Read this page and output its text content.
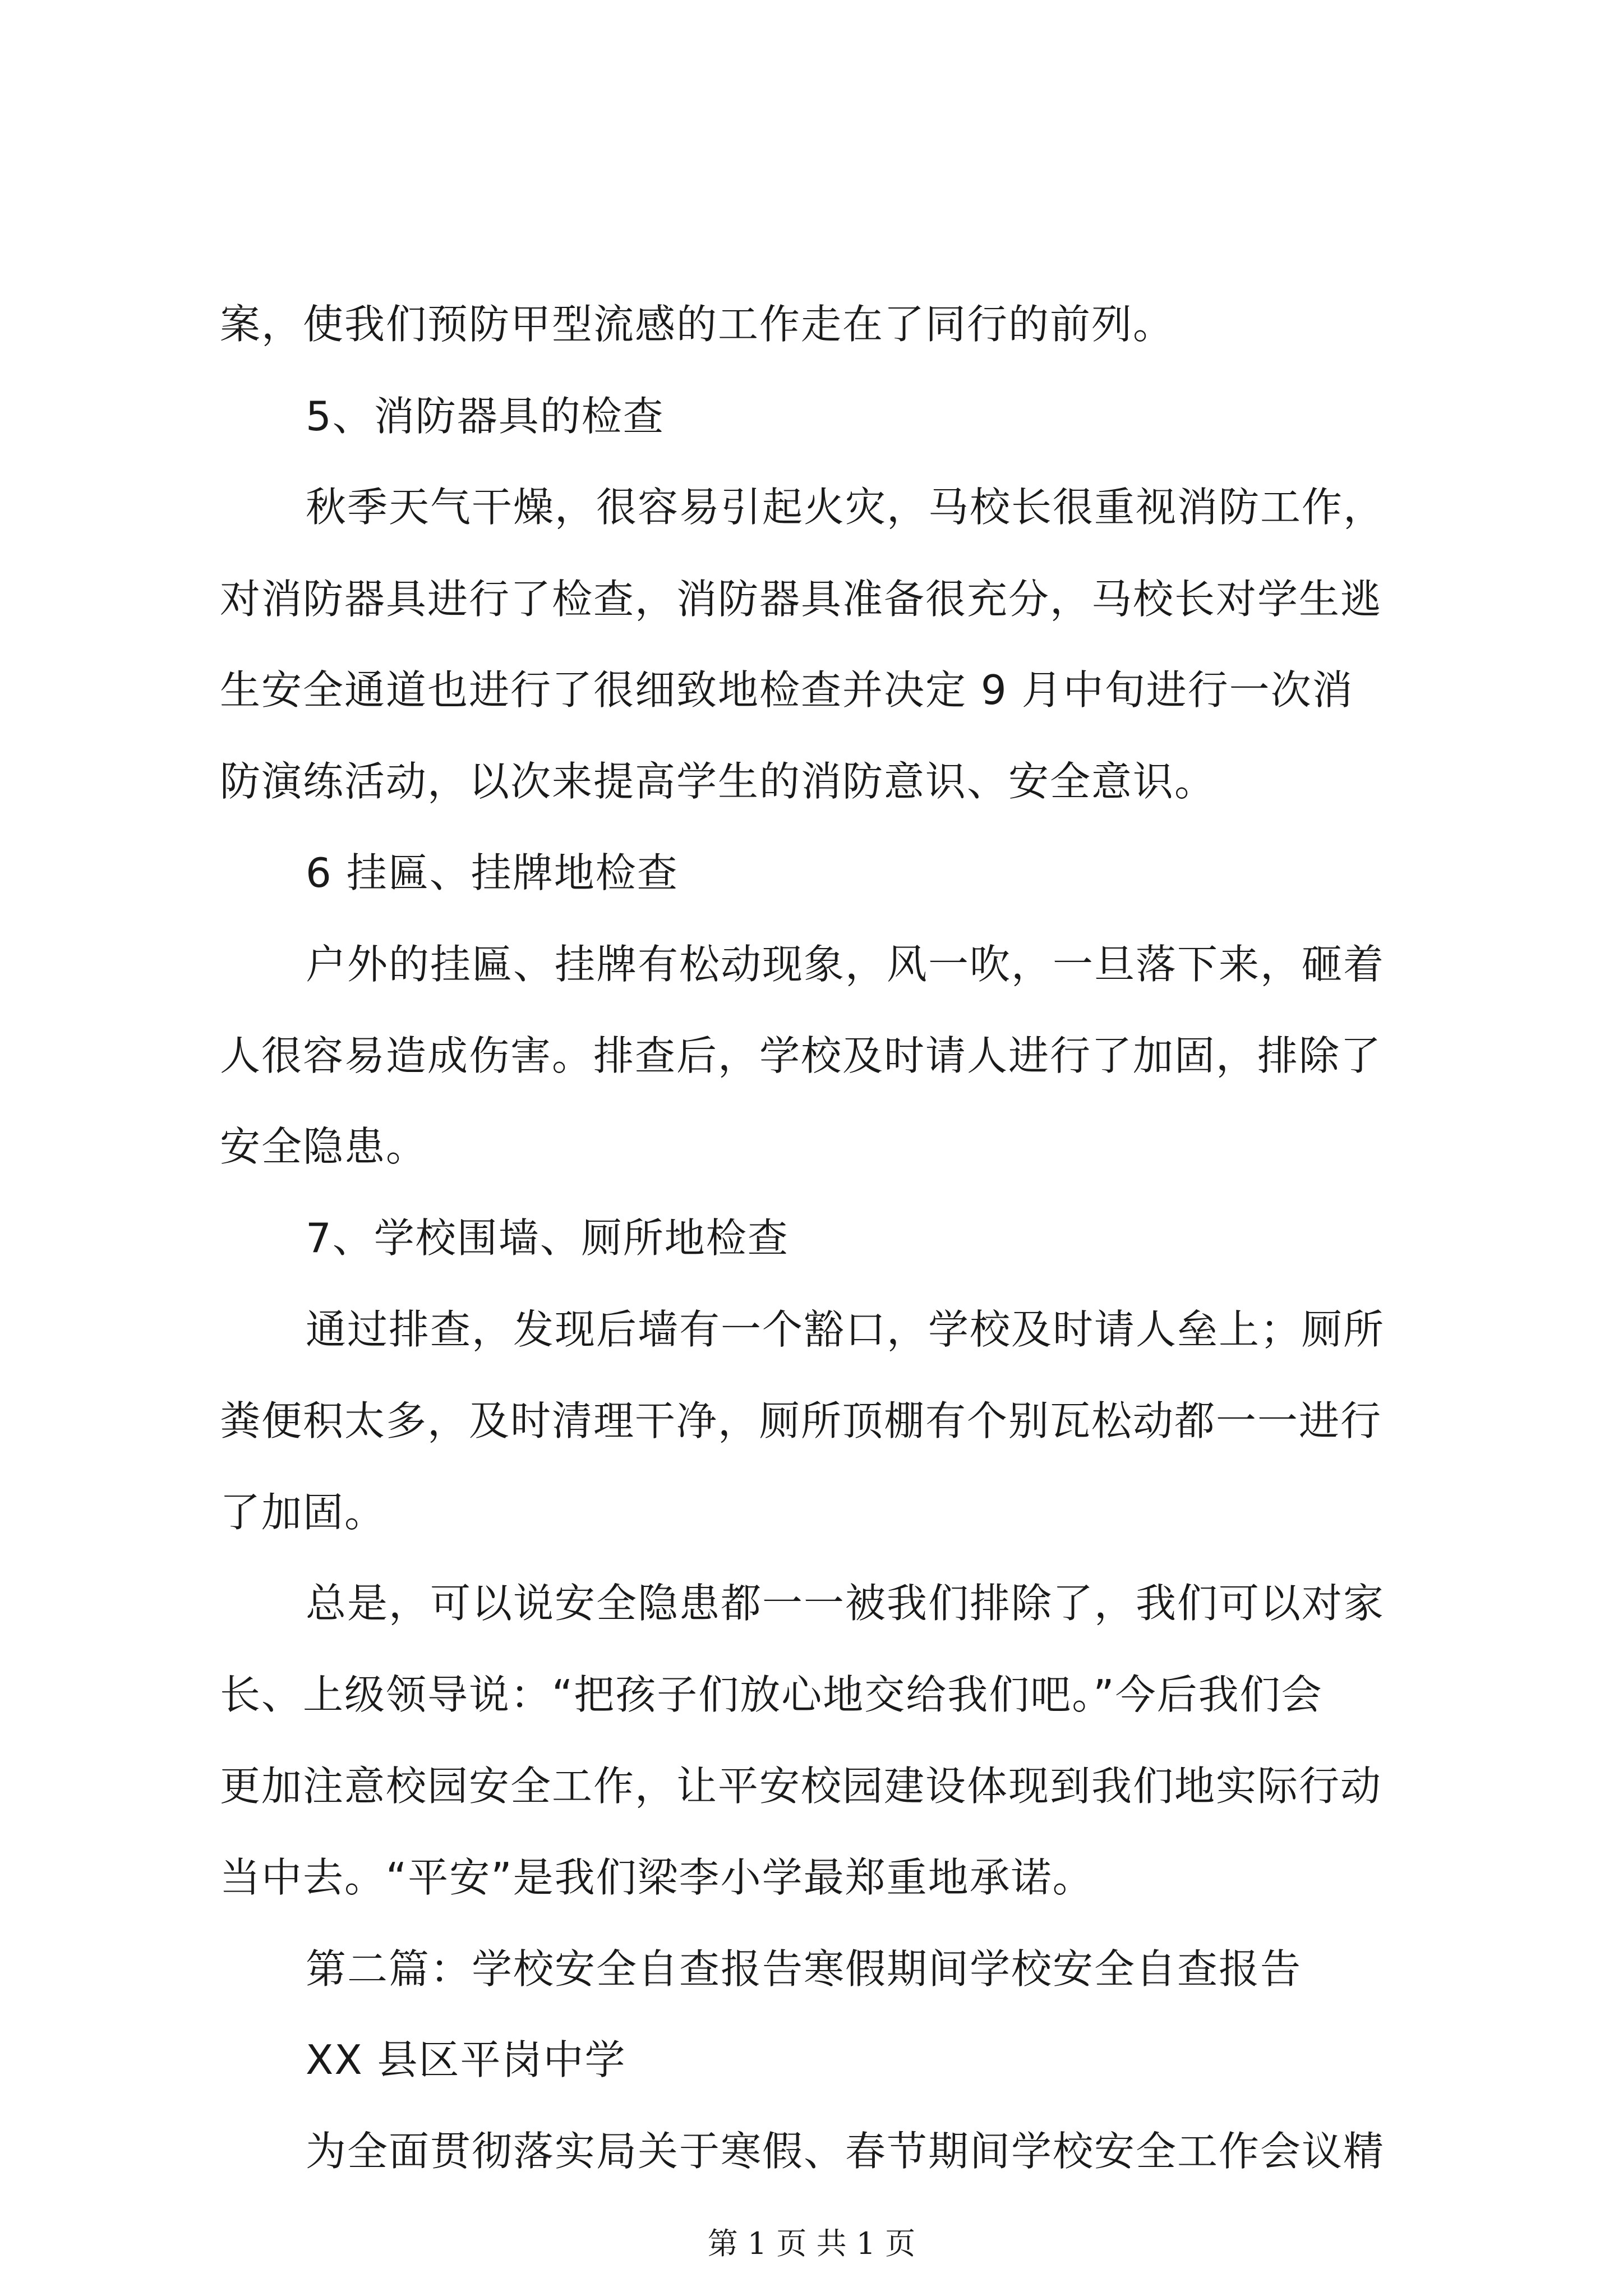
案，使我们预防甲型流感的工作走在了同行的前列。
5、消防器具的检查
秋季天气干燥，很容易引起火灾，马校长很重视消防工作，
对消防器具进行了检查，消防器具准备很充分，马校长对学生逃
生安全通道也进行了很细致地检查并决定 9 月中旬进行一次消
防演练活动，以次来提高学生的消防意识、安全意识。
6 挂匾、挂牌地检查
户外的挂匾、挂牌有松动现象，风一吹，一旦落下来，砸着
人很容易造成伤害。排查后，学校及时请人进行了加固，排除了
安全隐患。
7、学校围墙、厕所地检查
通过排查，发现后墙有一个豁口，学校及时请人垒上；厕所
粪便积太多，及时清理干净，厕所顶棚有个别瓦松动都一一进行
了加固。
总是，可以说安全隐患都一一被我们排除了，我们可以对家
长、上级领导说：“把孩子们放心地交给我们吧。”今后我们会
更加注意校园安全工作，让平安校园建设体现到我们地实际行动
当中去。“平安”是我们梁李小学最郑重地承诺。
第二篇：学校安全自查报告寒假期间学校安全自查报告
XX 县区平岗中学
为全面贯彻落实局关于寒假、春节期间学校安全工作会议精
第 1 页 共 1 页
